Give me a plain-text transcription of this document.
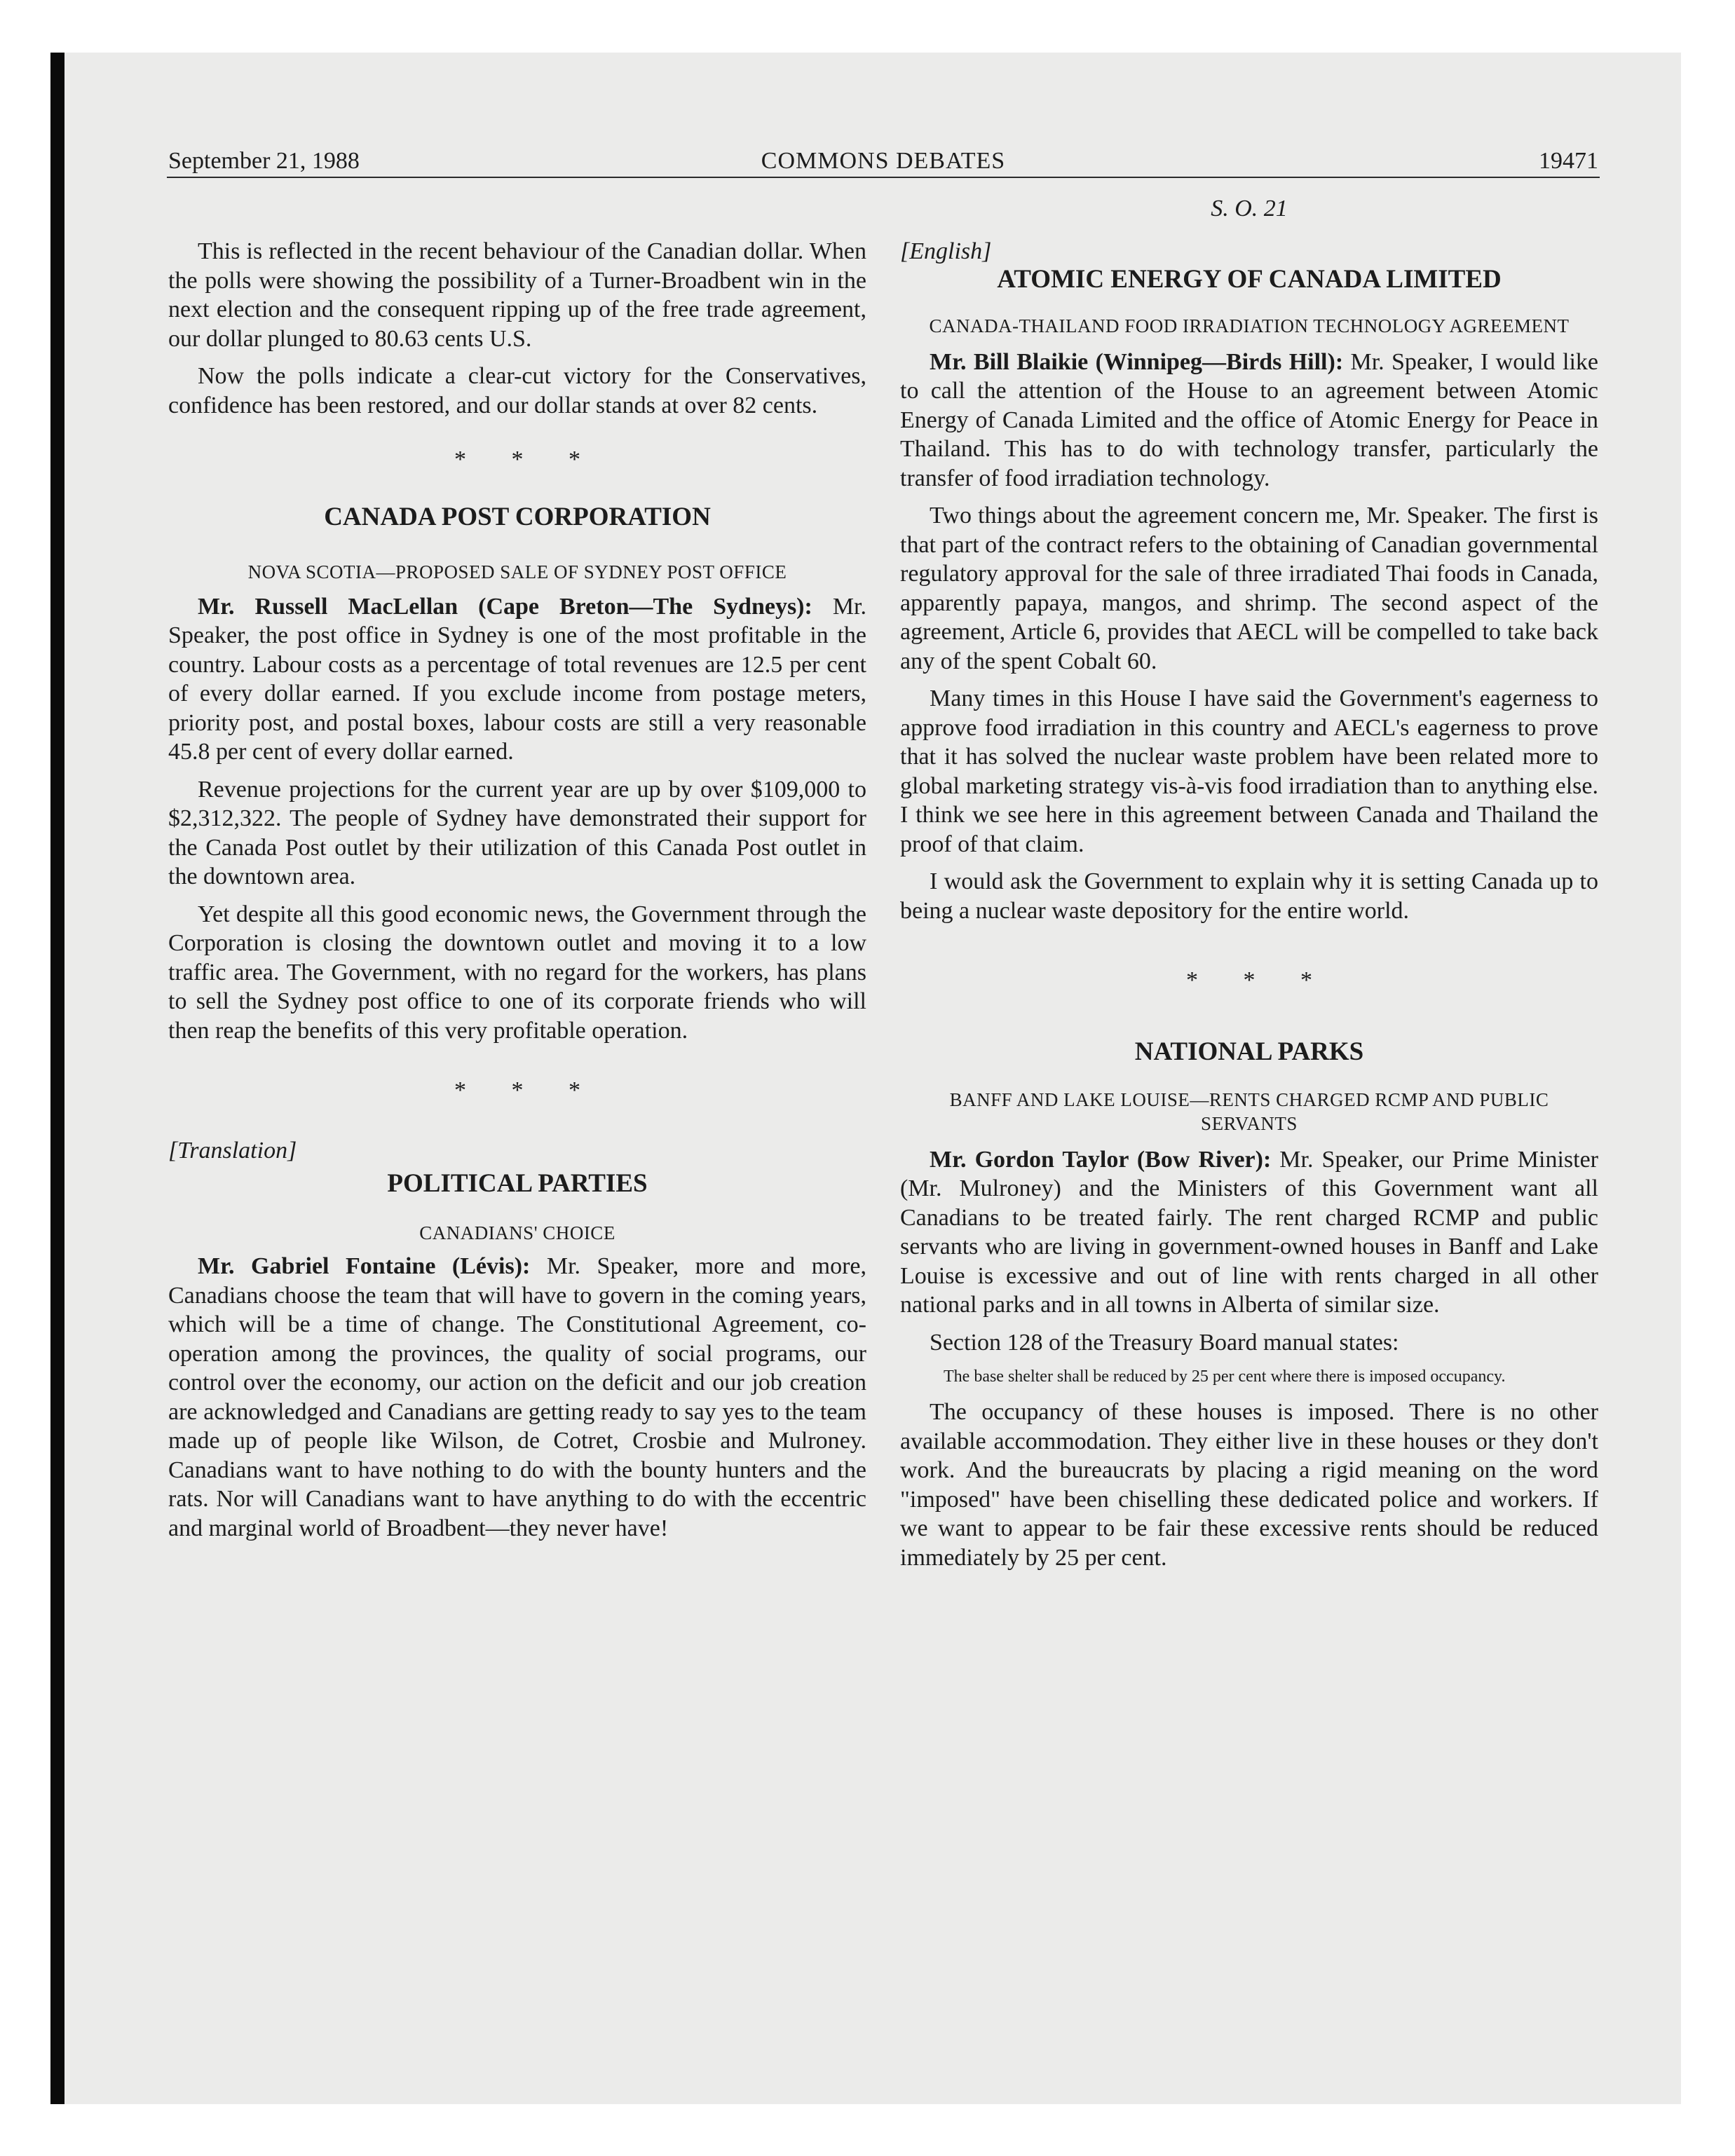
September 21, 1988	COMMONS DEBATES	19471
S. O. 21

This is reflected in the recent behaviour of the Canadian dollar. When the polls were showing the possibility of a Turner-Broadbent win in the next election and the consequent ripping up of the free trade agreement, our dollar plunged to 80.63 cents U.S.

Now the polls indicate a clear-cut victory for the Conservatives, confidence has been restored, and our dollar stands at over 82 cents.

* * *
CANADA POST CORPORATION
NOVA SCOTIA—PROPOSED SALE OF SYDNEY POST OFFICE

Mr. Russell MacLellan (Cape Breton—The Sydneys): Mr. Speaker, the post office in Sydney is one of the most profitable in the country. Labour costs as a percentage of total revenues are 12.5 per cent of every dollar earned. If you exclude income from postage meters, priority post, and postal boxes, labour costs are still a very reasonable 45.8 per cent of every dollar earned.

Revenue projections for the current year are up by over $109,000 to $2,312,322. The people of Sydney have demonstrated their support for the Canada Post outlet by their utilization of this Canada Post outlet in the downtown area.

Yet despite all this good economic news, the Government through the Corporation is closing the downtown outlet and moving it to a low traffic area. The Government, with no regard for the workers, has plans to sell the Sydney post office to one of its corporate friends who will then reap the benefits of this very profitable operation.

* * *
[Translation]
POLITICAL PARTIES
CANADIANS' CHOICE

Mr. Gabriel Fontaine (Lévis): Mr. Speaker, more and more, Canadians choose the team that will have to govern in the coming years, which will be a time of change. The Constitutional Agreement, co-operation among the provinces, the quality of social programs, our control over the economy, our action on the deficit and our job creation are acknowledged and Canadians are getting ready to say yes to the team made up of people like Wilson, de Cotret, Crosbie and Mulroney. Canadians want to have nothing to do with the bounty hunters and the rats. Nor will Canadians want to have anything to do with the eccentric and marginal world of Broadbent—they never have!

[English]
ATOMIC ENERGY OF CANADA LIMITED
CANADA-THAILAND FOOD IRRADIATION TECHNOLOGY AGREEMENT

Mr. Bill Blaikie (Winnipeg—Birds Hill): Mr. Speaker, I would like to call the attention of the House to an agreement between Atomic Energy of Canada Limited and the office of Atomic Energy for Peace in Thailand. This has to do with technology transfer, particularly the transfer of food irradiation technology.

Two things about the agreement concern me, Mr. Speaker. The first is that part of the contract refers to the obtaining of Canadian governmental regulatory approval for the sale of three irradiated Thai foods in Canada, apparently papaya, mangos, and shrimp. The second aspect of the agreement, Article 6, provides that AECL will be compelled to take back any of the spent Cobalt 60.

Many times in this House I have said the Government's eagerness to approve food irradiation in this country and AECL's eagerness to prove that it has solved the nuclear waste problem have been related more to global marketing strategy vis-à-vis food irradiation than to anything else. I think we see here in this agreement between Canada and Thailand the proof of that claim.

I would ask the Government to explain why it is setting Canada up to being a nuclear waste depository for the entire world.

* * *
NATIONAL PARKS
BANFF AND LAKE LOUISE—RENTS CHARGED RCMP AND PUBLIC SERVANTS

Mr. Gordon Taylor (Bow River): Mr. Speaker, our Prime Minister (Mr. Mulroney) and the Ministers of this Government want all Canadians to be treated fairly. The rent charged RCMP and public servants who are living in government-owned houses in Banff and Lake Louise is excessive and out of line with rents charged in all other national parks and in all towns in Alberta of similar size.

Section 128 of the Treasury Board manual states:

The base shelter shall be reduced by 25 per cent where there is imposed occupancy.

The occupancy of these houses is imposed. There is no other available accommodation. They either live in these houses or they don't work. And the bureaucrats by placing a rigid meaning on the word "imposed" have been chiselling these dedicated police and workers. If we want to appear to be fair these excessive rents should be reduced immediately by 25 per cent.
